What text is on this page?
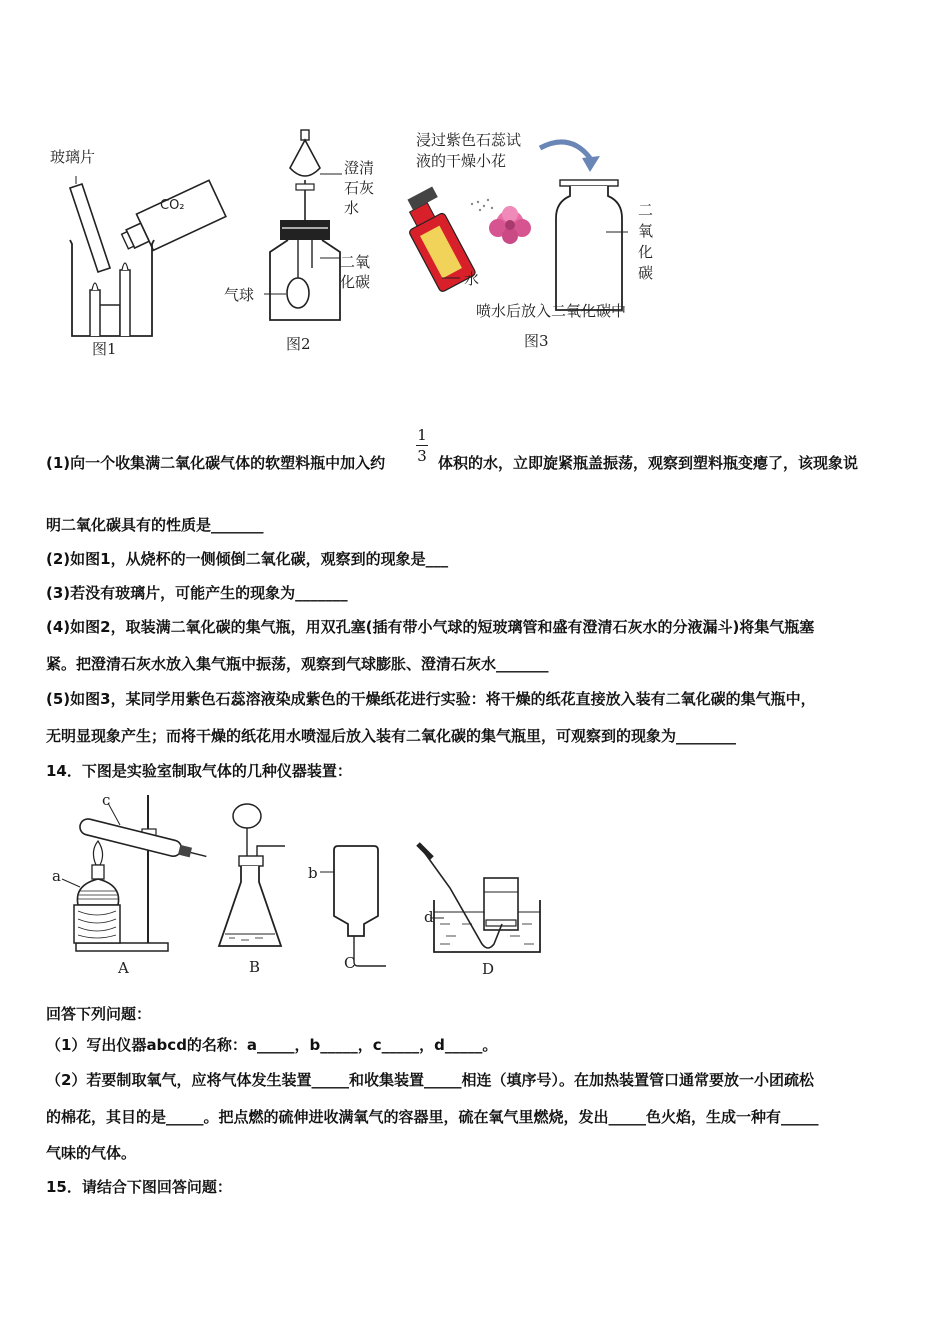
玻璃片
CO₂
图1
澄清
石灰
水
二氧
化碳
气球
图2
浸过紫色石蕊试
液的干燥小花
水
二
氧
化
碳
喷水后放入二氧化碳中
图3
1
3
(1)向一个收集满二氧化碳气体的软塑料瓶中加入约	体积的水，立即旋紧瓶盖振荡，观察到塑料瓶变瘪了，该现象说
明二氧化碳具有的性质是_______
(2)如图1，从烧杯的一侧倾倒二氧化碳，观察到的现象是___
(3)若没有玻璃片，可能产生的现象为_______
(4)如图2，取装满二氧化碳的集气瓶，用双孔塞(插有带小气球的短玻璃管和盛有澄清石灰水的分液漏斗)将集气瓶塞
紧。把澄清石灰水放入集气瓶中振荡，观察到气球膨胀、澄清石灰水_______
(5)如图3，某同学用紫色石蕊溶液染成紫色的干燥纸花进行实验：将干燥的纸花直接放入装有二氧化碳的集气瓶中，
无明显现象产生；而将干燥的纸花用水喷湿后放入装有二氧化碳的集气瓶里，可观察到的现象为________
14．下图是实验室制取气体的几种仪器装置：
a
c
A	B
b
C
d
D
回答下列问题：
（1）写出仪器abcd的名称：a_____，b_____，c_____，d_____。
（2）若要制取氧气，应将气体发生装置_____和收集装置_____相连（填序号）。在加热装置管口通常要放一小团疏松
的棉花，其目的是_____。把点燃的硫伸进收满氧气的容器里，硫在氧气里燃烧，发出_____色火焰，生成一种有_____
气味的气体。
15．请结合下图回答问题：
